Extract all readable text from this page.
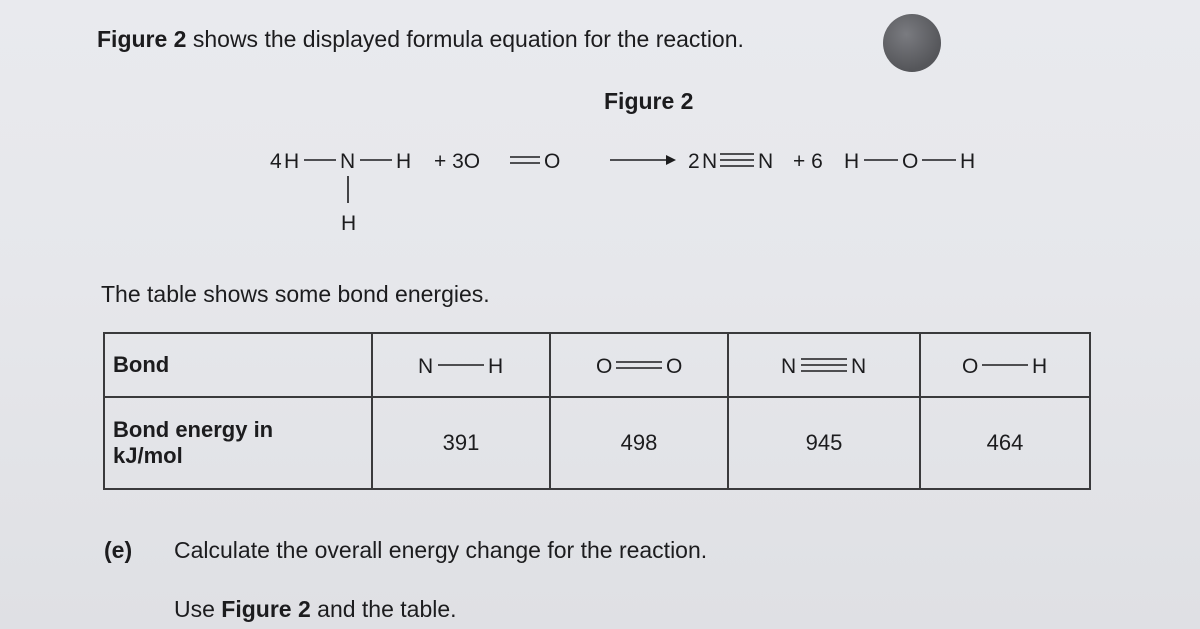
Figure 2 shows the displayed formula equation for the reaction.
Figure 2
4 H N H
H
+ 3O	O	2 N N + 6 H O H
The table shows some bond energies.
Bond	N H	O O	N N	O H

Bond energy in
kJ/mol	391	498	945	464
(e) Calculate the overall energy change for the reaction.
Use Figure 2 and the table.
